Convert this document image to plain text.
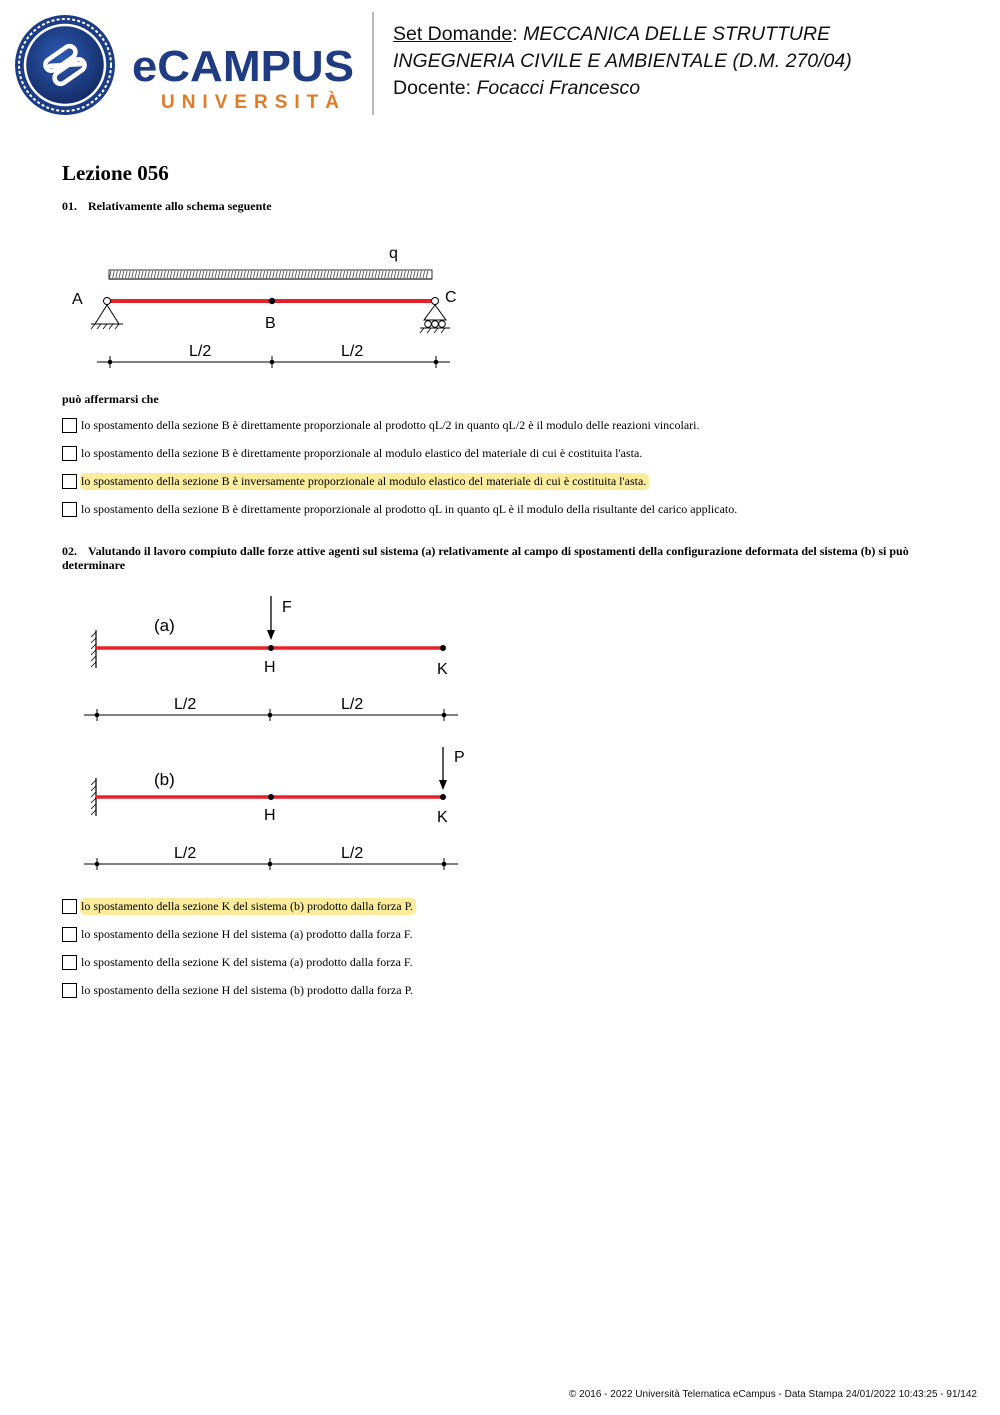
eCAMPUS
UNIVERSITÀ
Set Domande: MECCANICA DELLE STRUTTURE
INGEGNERIA CIVILE E AMBIENTALE (D.M. 270/04)
Docente: Focacci Francesco
Lezione 056
01. Relativamente allo schema seguente
q
A
B
C
L/2	L/2
può affermarsi che
lo spostamento della sezione B è direttamente proporzionale al prodotto qL/2 in quanto qL/2 è il modulo delle reazioni vincolari.
lo spostamento della sezione B è direttamente proporzionale al modulo elastico del materiale di cui è costituita l'asta.
lo spostamento della sezione B è inversamente proporzionale al modulo elastico del materiale di cui è costituita l'asta.
lo spostamento della sezione B è direttamente proporzionale al prodotto qL in quanto qL è il modulo della risultante del carico applicato.
02. Valutando il lavoro compiuto dalle forze attive agenti sul sistema (a) relativamente al campo di spostamenti della configurazione deformata del sistema (b) si può determinare
F
(a)
H	K
L/2	L/2
P
(b)
H	K
L/2	L/2
lo spostamento della sezione K del sistema (b) prodotto dalla forza P.
lo spostamento della sezione H del sistema (a) prodotto dalla forza F.
lo spostamento della sezione K del sistema (a) prodotto dalla forza F.
lo spostamento della sezione H del sistema (b) prodotto dalla forza P.
© 2016 - 2022 Università Telematica eCampus - Data Stampa 24/01/2022 10:43:25 - 91/142
